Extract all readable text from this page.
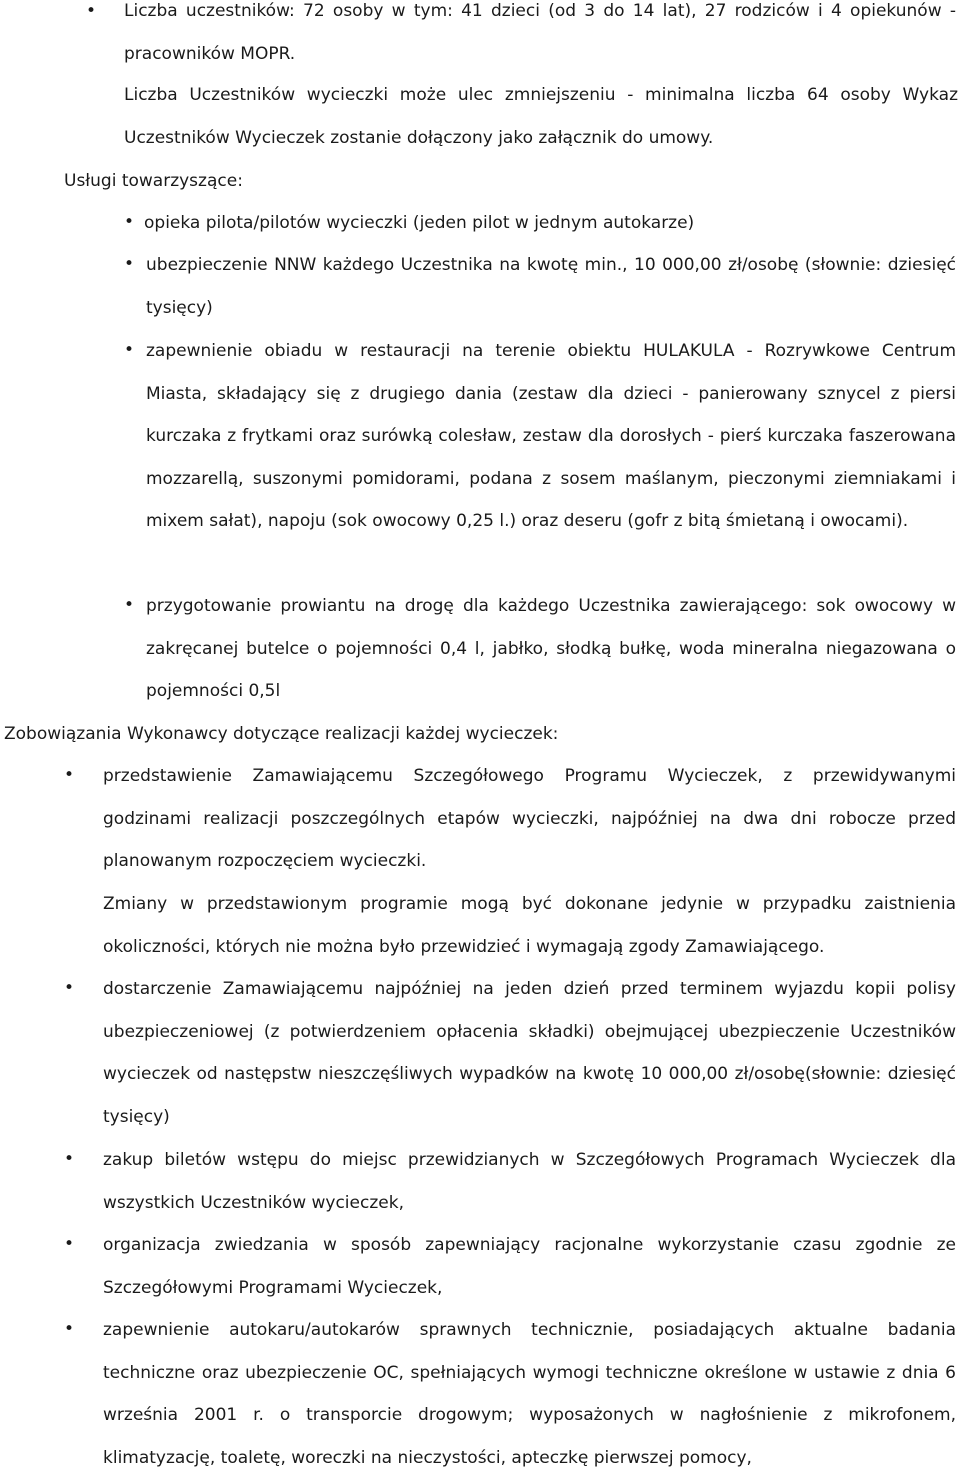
• Liczba uczestników: 72 osoby w tym: 41 dzieci (od 3 do 14 lat), 27 rodziców i 4 opiekunów - pracowników MOPR.

Liczba Uczestników wycieczki może ulec zmniejszeniu - minimalna liczba 64 osoby Wykaz Uczestników Wycieczek zostanie dołączony jako załącznik do umowy.

Usługi towarzyszące:

• opieka pilota/pilotów wycieczki (jeden pilot w jednym autokarze)

• ubezpieczenie NNW każdego Uczestnika na kwotę min., 10 000,00 zł/osobę (słownie: dziesięć tysięcy)

• zapewnienie obiadu w restauracji na terenie obiektu HULAKULA - Rozrywkowe Centrum Miasta, składający się z drugiego dania (zestaw dla dzieci - panierowany sznycel z piersi kurczaka z frytkami oraz surówką colesław, zestaw dla dorosłych - pierś kurczaka faszerowana mozzarellą, suszonymi pomidorami, podana z sosem maślanym, pieczonymi ziemniakami i mixem sałat), napoju (sok owocowy 0,25 l.) oraz deseru (gofr z bitą śmietaną i owocami).

• przygotowanie prowiantu na drogę dla każdego Uczestnika zawierającego: sok owocowy w zakręcanej butelce o pojemności 0,4 l, jabłko, słodką bułkę, woda mineralna niegazowana o pojemności 0,5l

Zobowiązania Wykonawcy dotyczące realizacji każdej wycieczek:

• przedstawienie Zamawiającemu Szczegółowego Programu Wycieczek, z przewidywanymi godzinami realizacji poszczególnych etapów wycieczki, najpóźniej na dwa dni robocze przed planowanym rozpoczęciem wycieczki.

Zmiany w przedstawionym programie mogą być dokonane jedynie w przypadku zaistnienia okoliczności, których nie można było przewidzieć i wymagają zgody Zamawiającego.

• dostarczenie Zamawiającemu najpóźniej na jeden dzień przed terminem wyjazdu kopii polisy ubezpieczeniowej (z potwierdzeniem opłacenia składki) obejmującej ubezpieczenie Uczestników wycieczek od następstw nieszczęśliwych wypadków na kwotę 10 000,00 zł/osobę(słownie: dziesięć tysięcy)

• zakup biletów wstępu do miejsc przewidzianych w Szczegółowych Programach Wycieczek dla wszystkich Uczestników wycieczek,

• organizacja zwiedzania w sposób zapewniający racjonalne wykorzystanie czasu zgodnie ze Szczegółowymi Programami Wycieczek,

• zapewnienie autokaru/autokarów sprawnych technicznie, posiadających aktualne badania techniczne oraz ubezpieczenie OC, spełniających wymogi techniczne określone w ustawie z dnia 6 września 2001 r. o transporcie drogowym; wyposażonych w nagłośnienie z mikrofonem, klimatyzację, toaletę, woreczki na nieczystości, apteczkę pierwszej pomocy,
